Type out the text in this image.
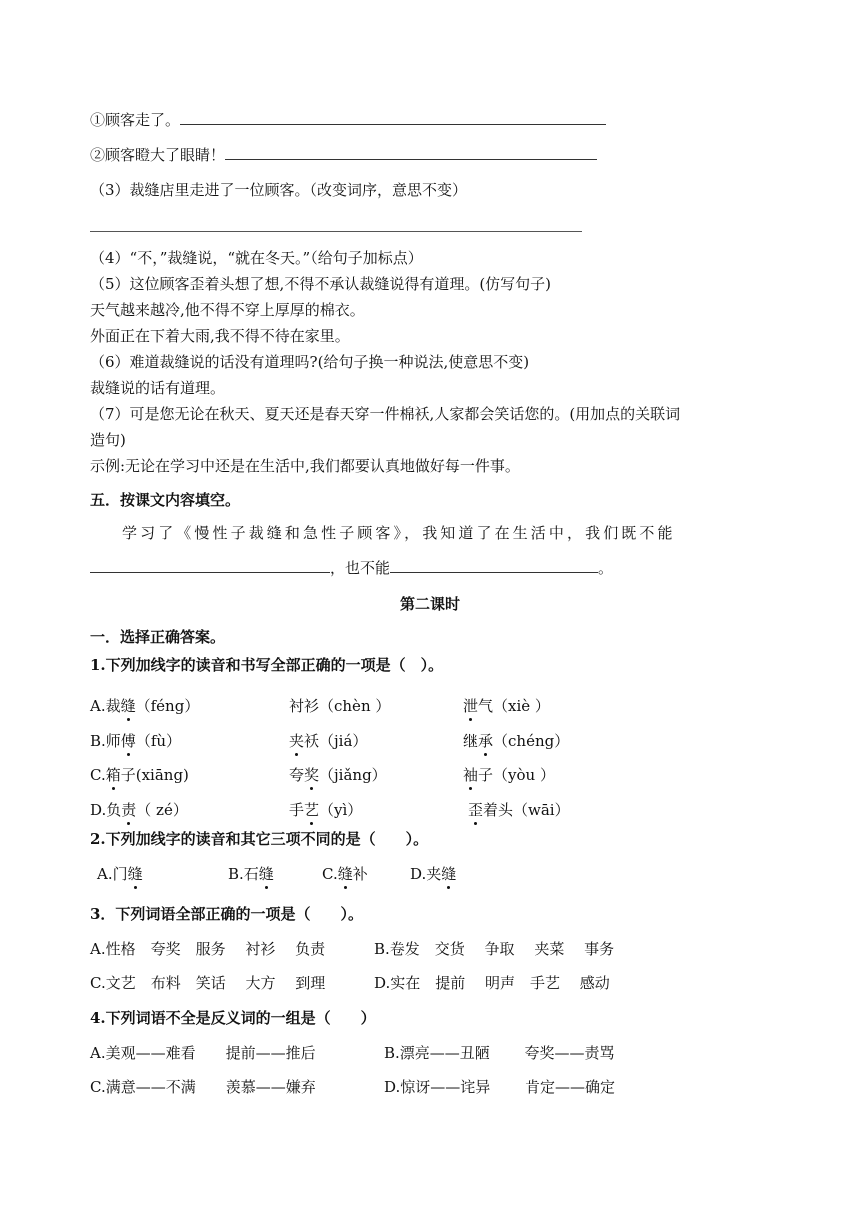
①顾客走了。
②顾客瞪大了眼睛！
（3）裁缝店里走进了一位顾客。（改变词序，意思不变）
（4）“不，”裁缝说，“就在冬天。”（给句子加标点）
（5）这位顾客歪着头想了想,不得不承认裁缝说得有道理。(仿写句子)
天气越来越冷,他不得不穿上厚厚的棉衣。
外面正在下着大雨,我不得不待在家里。
（6）难道裁缝说的话没有道理吗?(给句子换一种说法,使意思不变)
裁缝说的话有道理。
（7）可是您无论在秋天、夏天还是春天穿一件棉袄,人家都会笑话您的。(用加点的关联词
造句)
示例:无论在学习中还是在生活中,我们都要认真地做好每一件事。
五．按课文内容填空。
学习了《慢性子裁缝和急性子顾客》，我知道了在生活中，我们既不能
，也不能	。
第二课时
一．选择正确答案。
1.下列加线字的读音和书写全部正确的一项是（　）。
A.裁缝（féng）	衬衫（chèn ）	泄气（xiè ）
B.师傅（fù）	夹袄（jiá）	继承（chéng）
C.箱子(xiāng)	夸奖（jiǎng）	袖子（yòu ）
D.负责（ zé）	手艺（yì）	歪着头（wāi）
2.下列加线字的读音和其它三项不同的是（　　）。
A.门缝	B.石缝	C.缝补	D.夹缝
3．下列词语全部正确的一项是（　　）。
A.性格　夸奖　服务　 衬衫　 负责	B.卷发　交货　 争取　 夹菜　 事务
C.文艺　布料　笑话　 大方　 到理	D.实在　提前　 明声　手艺　 感动
4.下列词语不全是反义词的一组是（　　）
A.美观——难看　　提前——推后	B.漂亮——丑陋　　 夸奖——责骂
C.满意——不满　　羡慕——嫌弃	D.惊讶——诧异　　 肯定——确定
